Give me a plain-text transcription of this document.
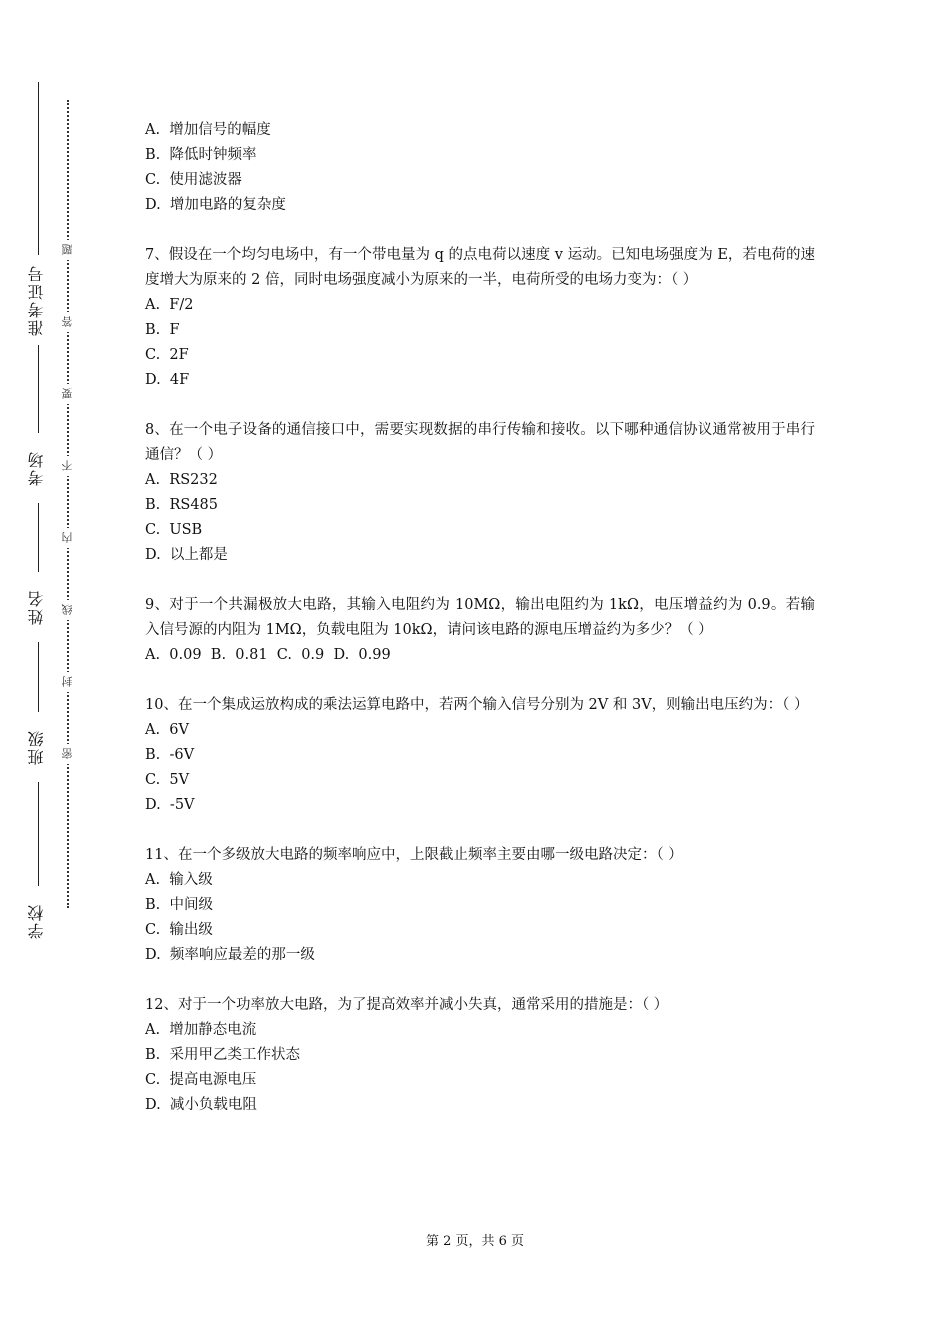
准考证号
考场
姓名
班级
学校
题
答
要
不
内
线
封
密
A.  增加信号的幅度
B.  降低时钟频率
C.  使用滤波器
D.  增加电路的复杂度
7、假设在一个均匀电场中，有一个带电量为 q 的点电荷以速度 v 运动。已知电场强度为 E，若电荷的速度增大为原来的 2 倍，同时电场强度减小为原来的一半，电荷所受的电场力变为：（ ）
A.  F/2
B.  F
C.  2F
D.  4F
8、在一个电子设备的通信接口中，需要实现数据的串行传输和接收。以下哪种通信协议通常被用于串行通信？（ ）
A.  RS232
B.  RS485
C.  USB
D.  以上都是
9、对于一个共漏极放大电路，其输入电阻约为 10MΩ，输出电阻约为 1kΩ，电压增益约为 0.9。若输入信号源的内阻为 1MΩ，负载电阻为 10kΩ，请问该电路的源电压增益约为多少？（ ）
A.  0.09  B.  0.81  C.  0.9  D.  0.99
10、在一个集成运放构成的乘法运算电路中，若两个输入信号分别为 2V 和 3V，则输出电压约为：（ ）
A.  6V
B.  -6V
C.  5V
D.  -5V
11、在一个多级放大电路的频率响应中，上限截止频率主要由哪一级电路决定：（ ）
A.  输入级
B.  中间级
C.  输出级
D.  频率响应最差的那一级
12、对于一个功率放大电路，为了提高效率并减小失真，通常采用的措施是：（ ）
A.  增加静态电流
B.  采用甲乙类工作状态
C.  提高电源电压
D.  减小负载电阻
第 2 页，共 6 页
